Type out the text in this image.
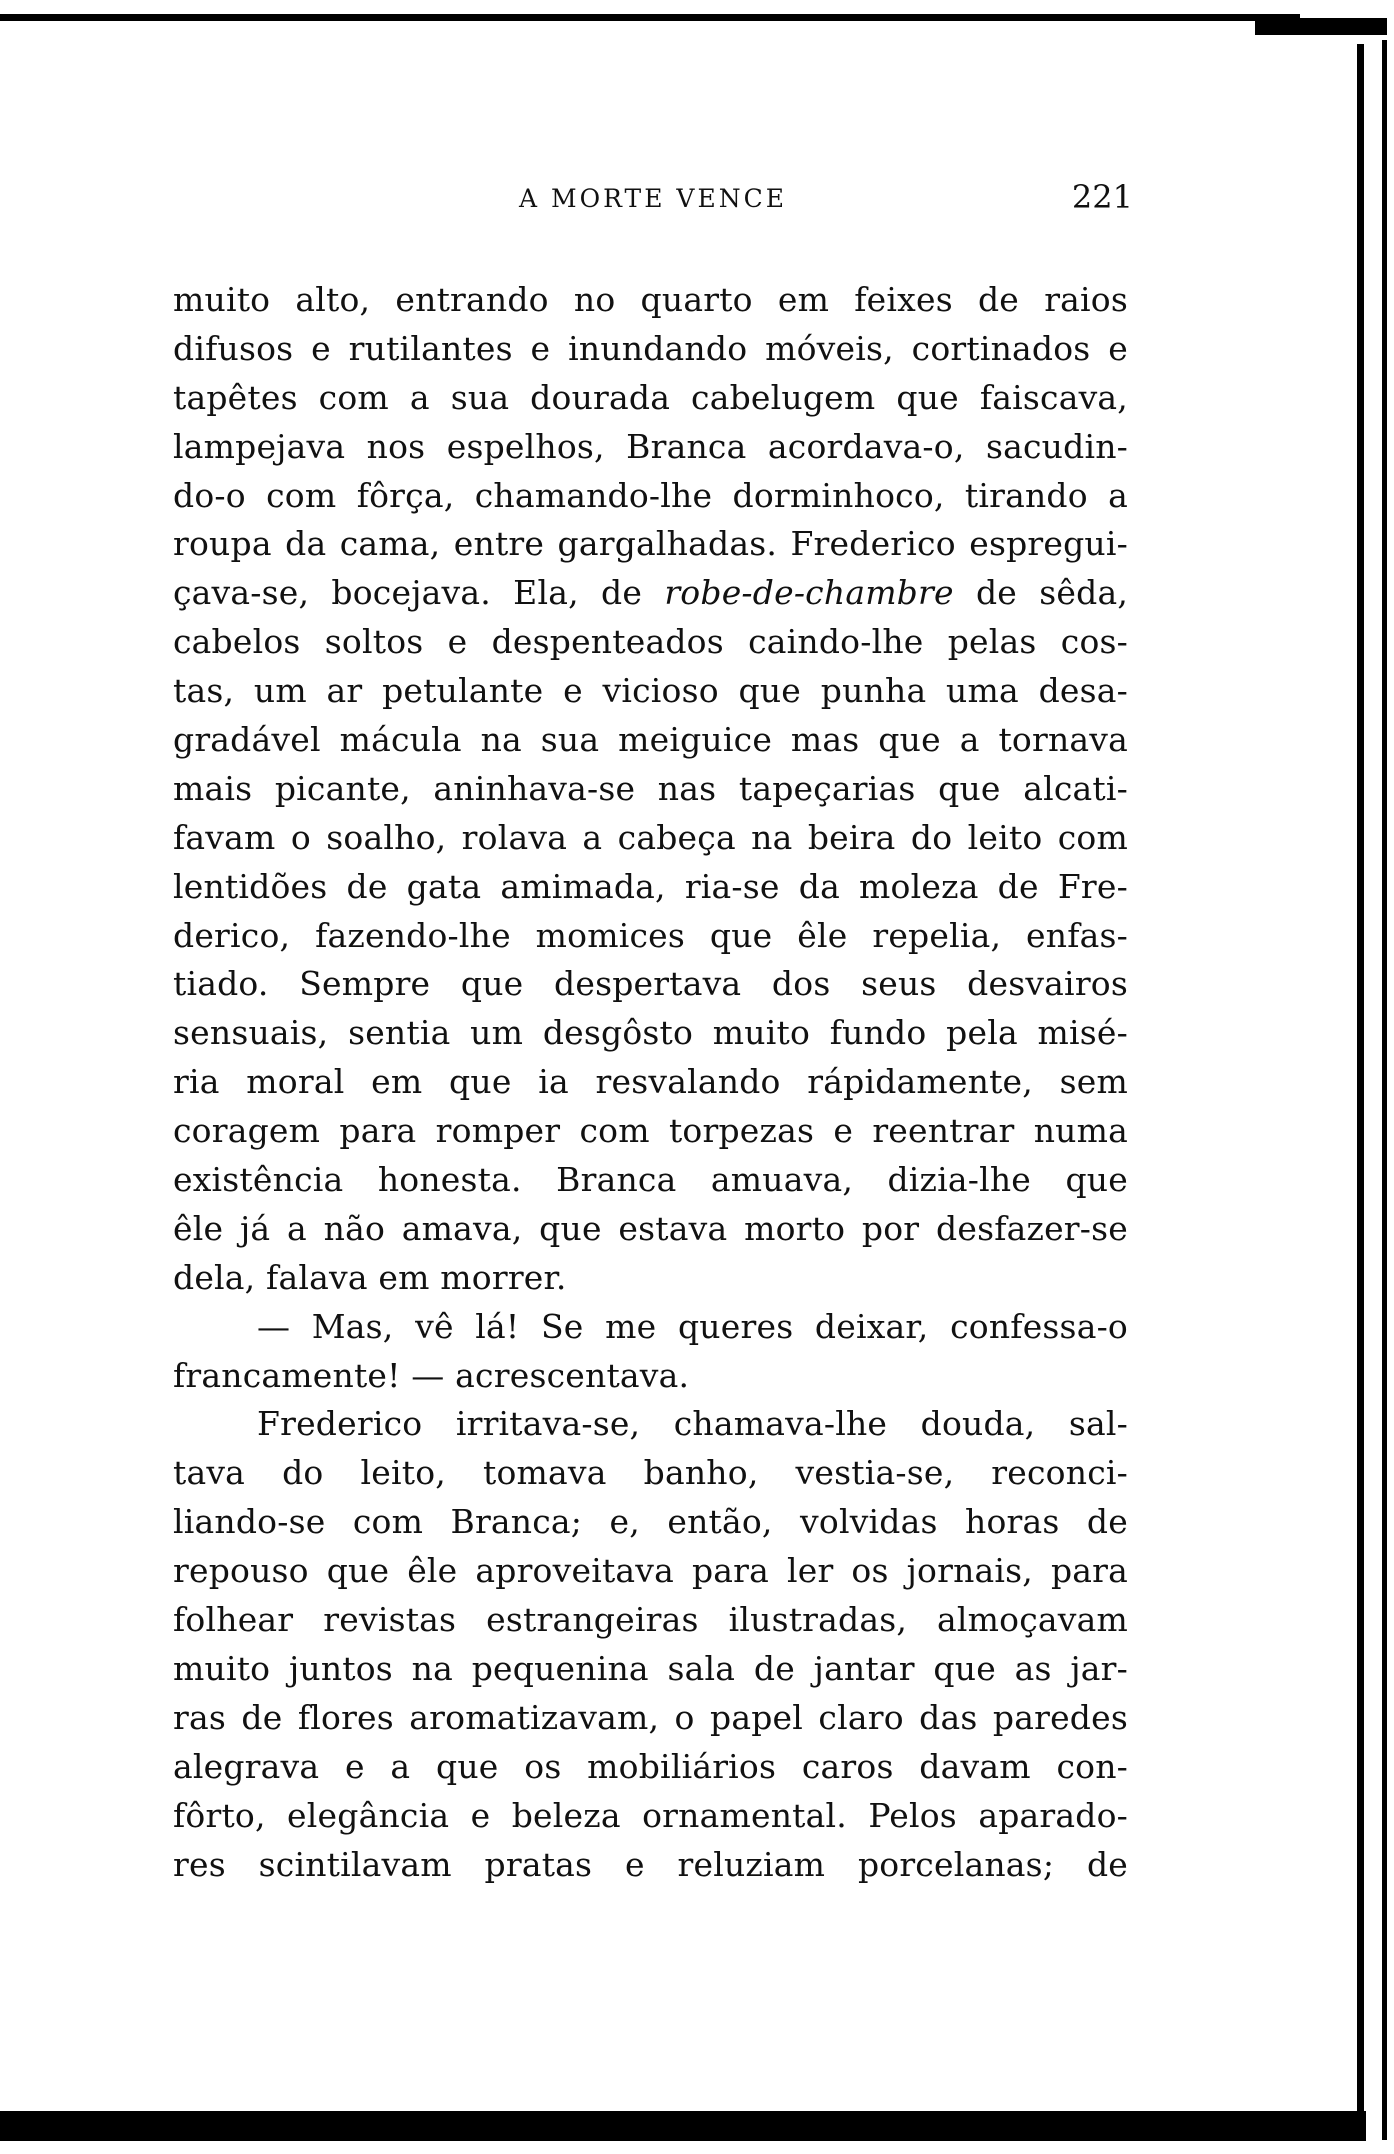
A MORTE VENCE	221
muito alto, entrando no quarto em feixes de raios
difusos e rutilantes e inundando móveis, cortinados e
tapêtes com a sua dourada cabelugem que faiscava,
lampejava nos espelhos, Branca acordava-o, sacudin-
do-o com fôrça, chamando-lhe dorminhoco, tirando a
roupa da cama, entre gargalhadas. Frederico espregui-
çava-se, bocejava. Ela, de robe-de-chambre de sêda,
cabelos soltos e despenteados caindo-lhe pelas cos-
tas, um ar petulante e vicioso que punha uma desa-
gradável mácula na sua meiguice mas que a tornava
mais picante, aninhava-se nas tapeçarias que alcati-
favam o soalho, rolava a cabeça na beira do leito com
lentidões de gata amimada, ria-se da moleza de Fre-
derico, fazendo-lhe momices que êle repelia, enfas-
tiado. Sempre que despertava dos seus desvairos
sensuais, sentia um desgôsto muito fundo pela misé-
ria moral em que ia resvalando rápidamente, sem
coragem para romper com torpezas e reentrar numa
existência honesta. Branca amuava, dizia-lhe que
êle já a não amava, que estava morto por desfazer-se
dela, falava em morrer.
— Mas, vê lá! Se me queres deixar, confessa-o
francamente! — acrescentava.
Frederico irritava-se, chamava-lhe douda, sal-
tava do leito, tomava banho, vestia-se, reconci-
liando-se com Branca; e, então, volvidas horas de
repouso que êle aproveitava para ler os jornais, para
folhear revistas estrangeiras ilustradas, almoçavam
muito juntos na pequenina sala de jantar que as jar-
ras de flores aromatizavam, o papel claro das paredes
alegrava e a que os mobiliários caros davam con-
fôrto, elegância e beleza ornamental. Pelos aparado-
res scintilavam pratas e reluziam porcelanas; de
